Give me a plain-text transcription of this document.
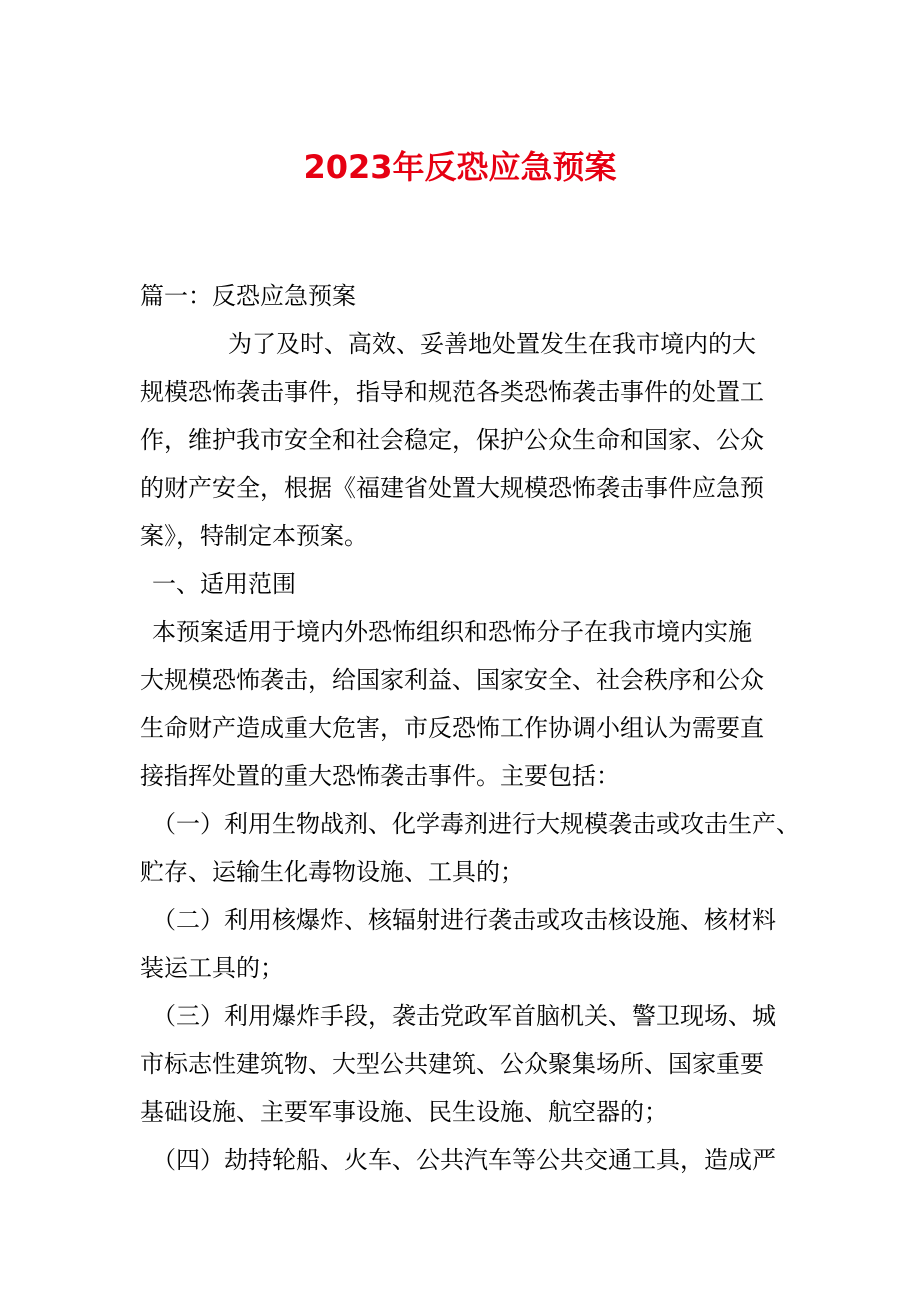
2023年反恐应急预案
篇一：反恐应急预案
为了及时、高效、妥善地处置发生在我市境内的大
规模恐怖袭击事件，指导和规范各类恐怖袭击事件的处置工
作，维护我市安全和社会稳定，保护公众生命和国家、公众
的财产安全，根据《福建省处置大规模恐怖袭击事件应急预
案》，特制定本预案。
一、适用范围
本预案适用于境内外恐怖组织和恐怖分子在我市境内实施
大规模恐怖袭击，给国家利益、国家安全、社会秩序和公众
生命财产造成重大危害，市反恐怖工作协调小组认为需要直
接指挥处置的重大恐怖袭击事件。主要包括：
（一）利用生物战剂、化学毒剂进行大规模袭击或攻击生产、
贮存、运输生化毒物设施、工具的；
（二）利用核爆炸、核辐射进行袭击或攻击核设施、核材料
装运工具的；
（三）利用爆炸手段，袭击党政军首脑机关、警卫现场、城
市标志性建筑物、大型公共建筑、公众聚集场所、国家重要
基础设施、主要军事设施、民生设施、航空器的；
（四）劫持轮船、火车、公共汽车等公共交通工具，造成严
